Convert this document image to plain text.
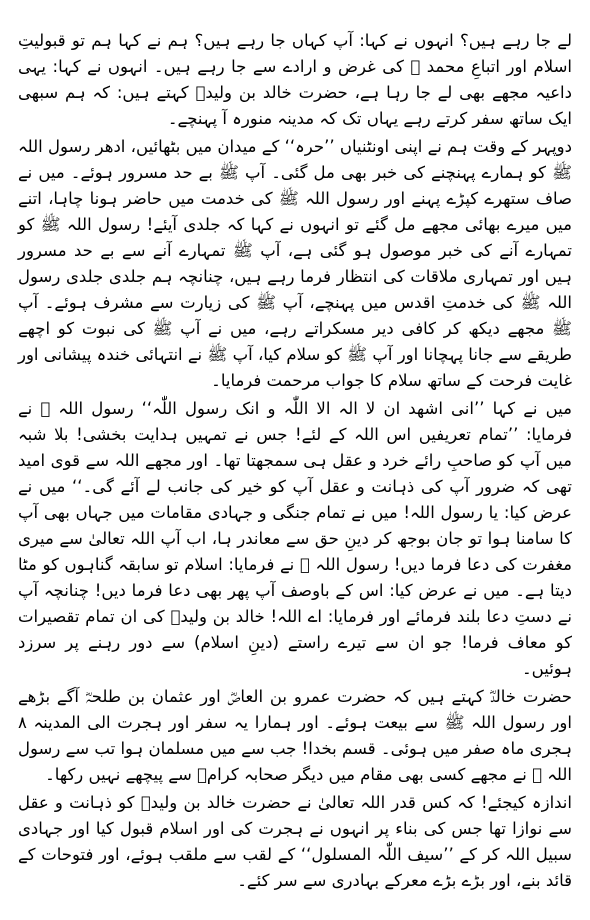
لے جا رہے ہیں؟ انہوں نے کہا: آپ کہاں جا رہے ہیں؟ ہم نے کہا ہم تو قبولیتِ اسلام اور اتباعِ محمد ﷺ کی غرض و ارادے سے جا رہے ہیں۔ انہوں نے کہا: یہی داعیہ مجھے بھی لے جا رہا ہے، حضرت خالد بن ولیدؓ کہتے ہیں: کہ ہم سبھی ایک ساتھ سفر کرتے رہے یہاں تک کہ مدینہ منورہ آ پہنچے۔

دوپہر کے وقت ہم نے اپنی اونٹنیاں ’’حرہ‘‘ کے میدان میں بٹھائیں، ادھر رسول اللہ ﷺ کو ہمارے پہنچنے کی خبر بھی مل گئی۔ آپ ﷺ بے حد مسرور ہوئے۔ میں نے صاف ستھرے کپڑے پہنے اور رسول اللہ ﷺ کی خدمت میں حاضر ہونا چاہا، اتنے میں میرے بھائی مجھے مل گئے تو انہوں نے کہا کہ جلدی آیئے! رسول اللہ ﷺ کو تمہارے آنے کی خبر موصول ہو گئی ہے، آپ ﷺ تمہارے آنے سے بے حد مسرور ہیں اور تمہاری ملاقات کی انتظار فرما رہے ہیں، چنانچہ ہم جلدی جلدی رسول اللہ ﷺ کی خدمتِ اقدس میں پہنچے، آپ ﷺ کی زیارت سے مشرف ہوئے۔ آپ ﷺ مجھے دیکھ کر کافی دیر مسکراتے رہے، میں نے آپ ﷺ کی نبوت کو اچھے طریقے سے جانا پہچانا اور آپ ﷺ کو سلام کیا، آپ ﷺ نے انتہائی خندہ پیشانی اور غایت فرحت کے ساتھ سلام کا جواب مرحمت فرمایا۔

میں نے کہا ’’انی اشھد ان لا الہ الا اللّٰہ و انک رسول اللّٰہ‘‘ رسول اللہ ﷺ نے فرمایا: ’’تمام تعریفیں اس اللہ کے لئے! جس نے تمہیں ہدایت بخشی! بلا شبہ میں آپ کو صاحبِ رائے خرد و عقل ہی سمجھتا تھا۔ اور مجھے اللہ سے قوی امید تھی کہ ضرور آپ کی ذہانت و عقل آپ کو خیر کی جانب لے آئے گی۔‘‘ میں نے عرض کیا: یا رسول اللہ! میں نے تمام جنگی و جہادی مقامات میں جہاں بھی آپ کا سامنا ہوا تو جان بوجھ کر دینِ حق سے معاندر ہا، اب آپ اللہ تعالیٰ سے میری مغفرت کی دعا فرما دیں! رسول اللہ ﷺ نے فرمایا: اسلام تو سابقہ گناہوں کو مٹا دیتا ہے۔ میں نے عرض کیا: اس کے باوصف آپ پھر بھی دعا فرما دیں! چنانچہ آپ نے دستِ دعا بلند فرمائے اور فرمایا: اے اللہ! خالد بن ولیدؓ کی ان تمام تقصیرات کو معاف فرما! جو ان سے تیرے راستے (دینِ اسلام) سے دور رہنے پر سرزد ہوئیں۔

حضرت خالدؓ کہتے ہیں کہ حضرت عمرو بن العاصؓ اور عثمان بن طلحہؓ آگے بڑھے اور رسول اللہ ﷺ سے بیعت ہوئے۔ اور ہمارا یہ سفر اور ہجرت الی المدینہ ۸ ہجری ماہ صفر میں ہوئی۔ قسم بخدا! جب سے میں مسلمان ہوا تب سے رسول اللہ ﷺ نے مجھے کسی بھی مقام میں دیگر صحابہ کرامؓ سے پیچھے نہیں رکھا۔

اندازہ کیجئے! کہ کس قدر اللہ تعالیٰ نے حضرت خالد بن ولیدؓ کو ذہانت و عقل سے نوازا تھا جس کی بناء پر انہوں نے ہجرت کی اور اسلام قبول کیا اور جہادی سبیل اللہ کر کے ’’سیف اللّٰہ المسلول‘‘ کے لقب سے ملقب ہوئے، اور فتوحات کے قائد بنے، اور بڑے بڑے معرکے بہادری سے سر کئے۔
